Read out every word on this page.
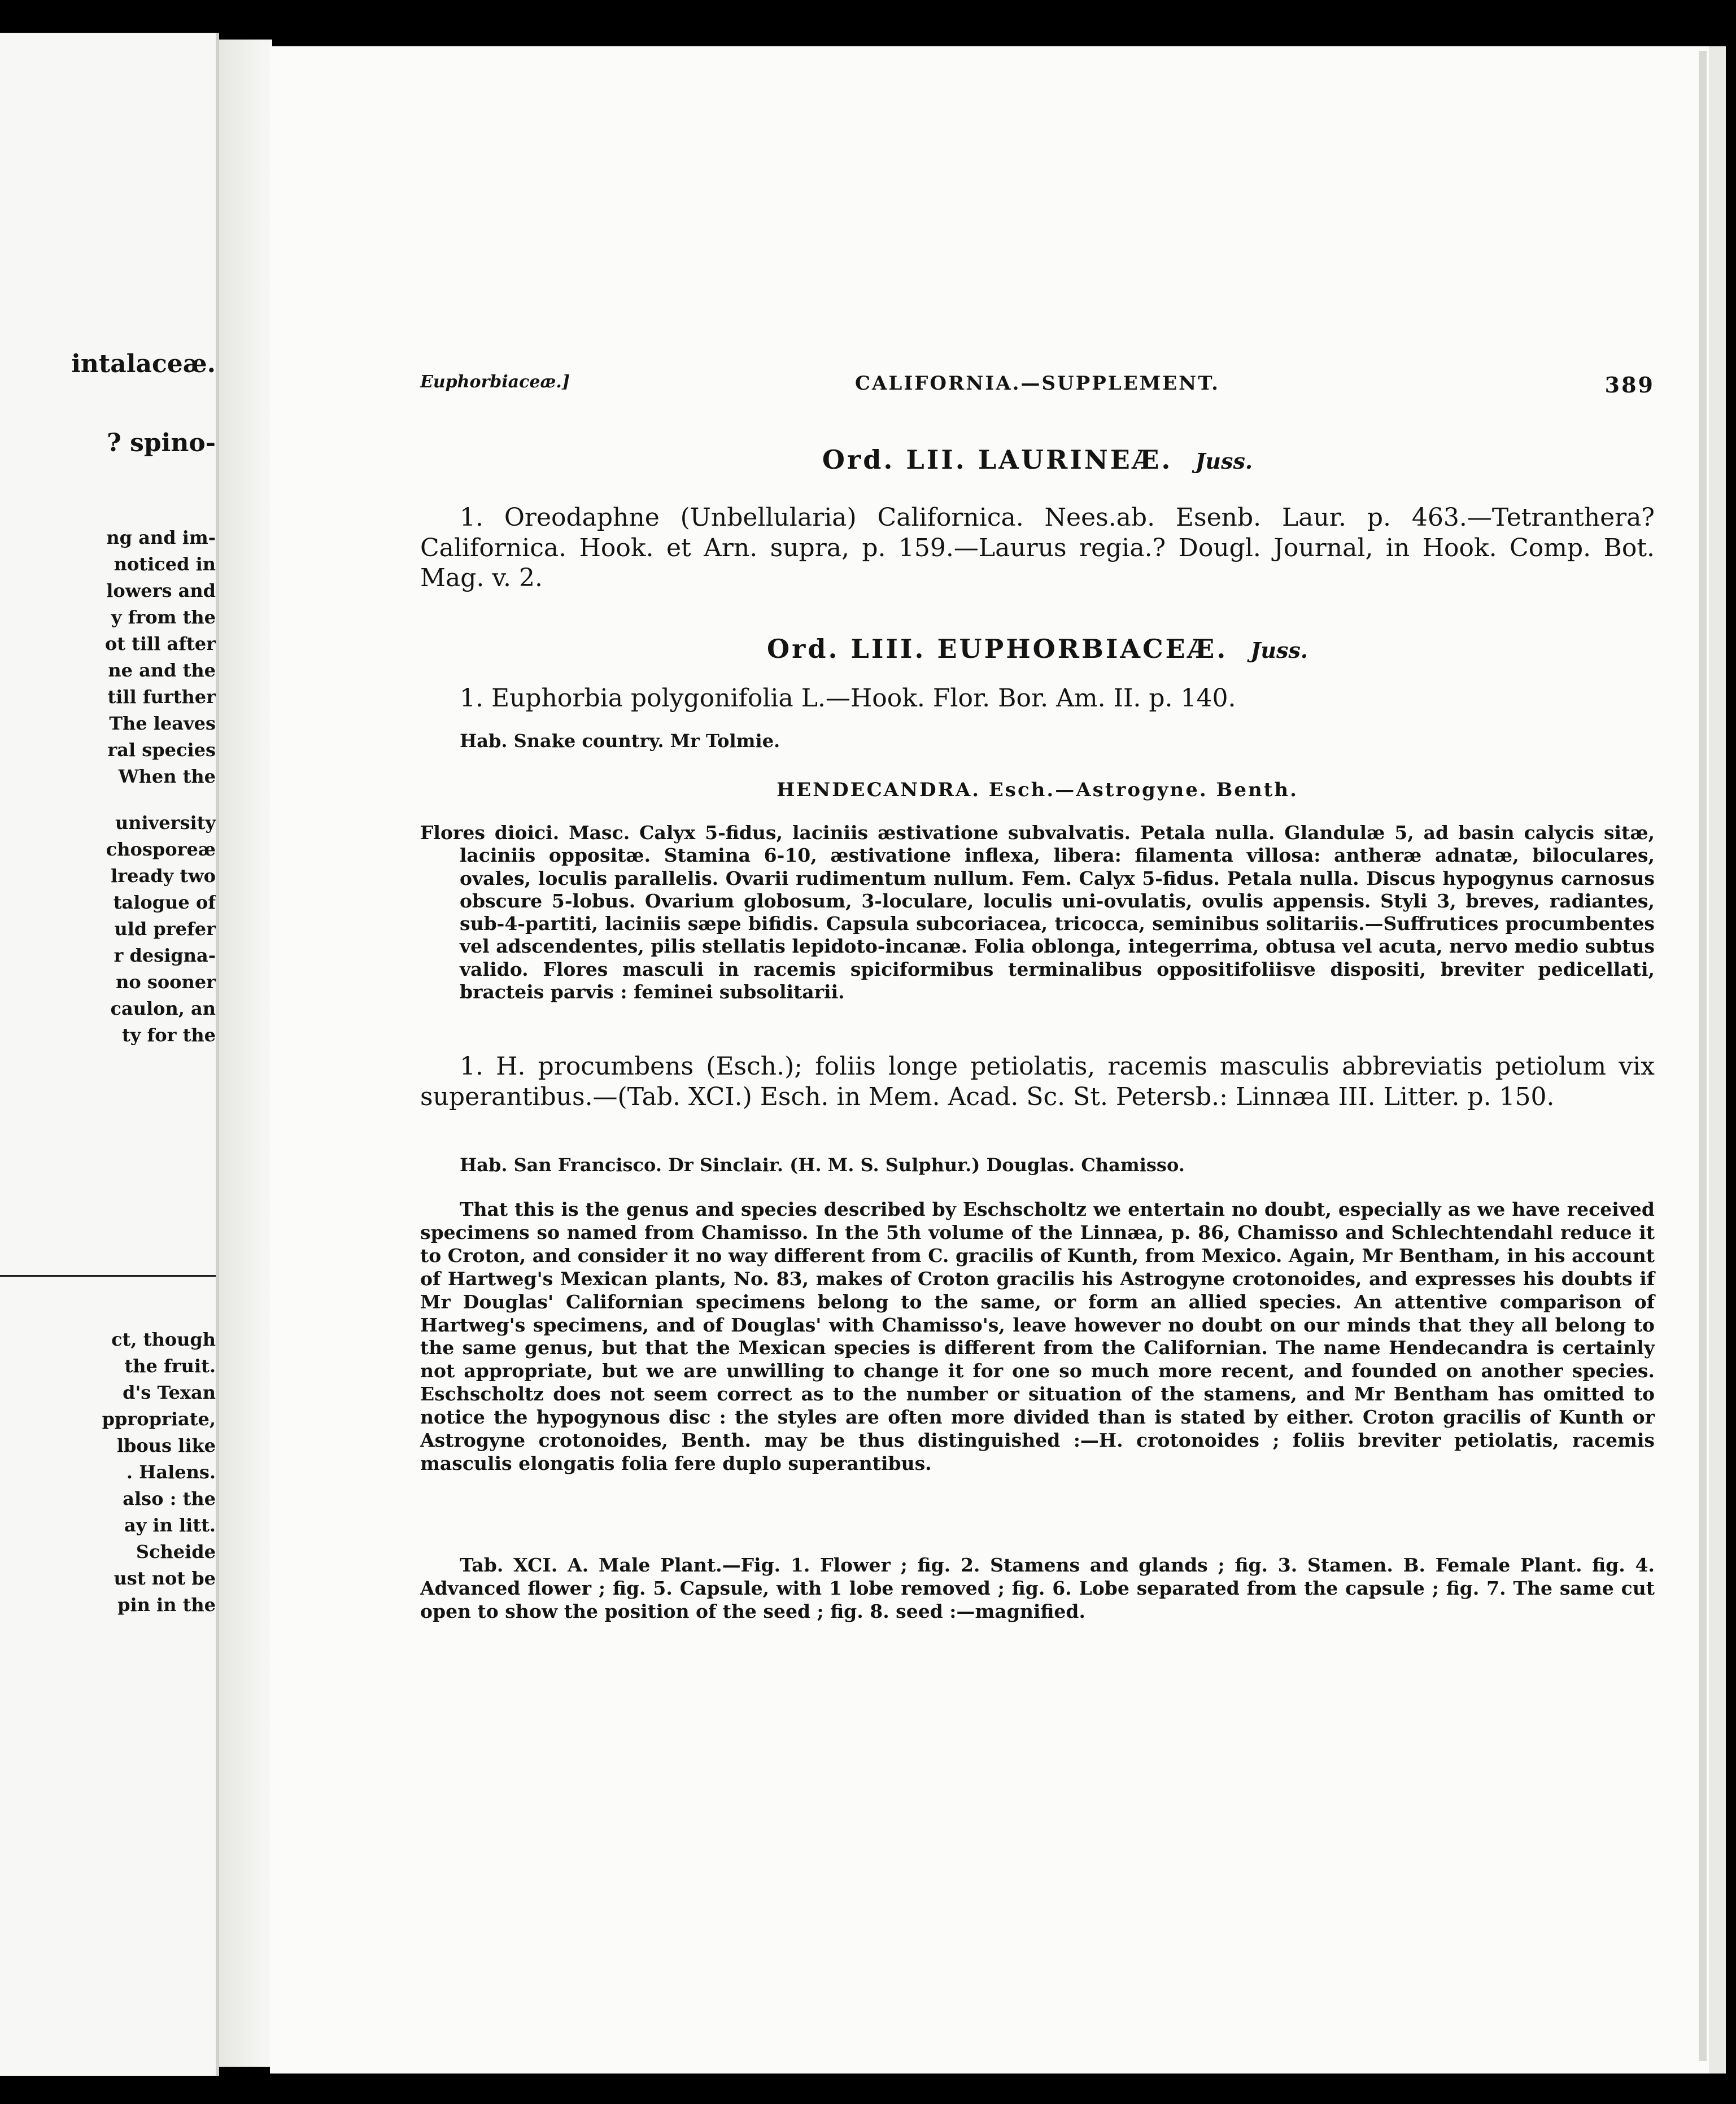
intalaceæ.
? spino-
ng and im-
noticed in
lowers and
y from the
ot till after
ne and the
till further
The leaves
ral species
When the
university
chosporeæ
lready two
talogue of
uld prefer
r designa-
no sooner
caulon, an
ty for the
ct, though
the fruit.
d's Texan
ppropriate,
lbous like
. Halens.
also : the
ay in litt.
Scheide
ust not be
pin in the
Euphorbiaceæ.]	CALIFORNIA.—SUPPLEMENT.	389
Ord. LII. LAURINEÆ. Juss.

1. Oreodaphne (Unbellularia) Californica. Nees.ab. Esenb. Laur. p. 463.—Tetranthera? Californica. Hook. et Arn. supra, p. 159.—Laurus regia.? Dougl. Journal, in Hook. Comp. Bot. Mag. v. 2.

Ord. LIII. EUPHORBIACEÆ. Juss.

1. Euphorbia polygonifolia L.—Hook. Flor. Bor. Am. II. p. 140.

Hab. Snake country. Mr Tolmie.

HENDECANDRA. Esch.—Astrogyne. Benth.

Flores dioici. Masc. Calyx 5-fidus, laciniis æstivatione subvalvatis. Petala nulla. Glandulæ 5, ad basin calycis sitæ, laciniis oppositæ. Stamina 6-10, æstivatione inflexa, libera: filamenta villosa: antheræ adnatæ, biloculares, ovales, loculis parallelis. Ovarii rudimentum nullum. Fem. Calyx 5-fidus. Petala nulla. Discus hypogynus carnosus obscure 5-lobus. Ovarium globosum, 3-loculare, loculis uni-ovulatis, ovulis appensis. Styli 3, breves, radiantes, sub-4-partiti, laciniis sæpe bifidis. Capsula subcoriacea, tricocca, seminibus solitariis.—Suffrutices procumbentes vel adscendentes, pilis stellatis lepidoto-incanæ. Folia oblonga, integerrima, obtusa vel acuta, nervo medio subtus valido. Flores masculi in racemis spiciformibus terminalibus oppositifoliisve dispositi, breviter pedicellati, bracteis parvis : feminei subsolitarii.

1. H. procumbens (Esch.); foliis longe petiolatis, racemis masculis abbreviatis petiolum vix superantibus.—(Tab. XCI.) Esch. in Mem. Acad. Sc. St. Petersb.: Linnæa III. Litter. p. 150.

Hab. San Francisco. Dr Sinclair. (H. M. S. Sulphur.) Douglas. Chamisso.

That this is the genus and species described by Eschscholtz we entertain no doubt, especially as we have received specimens so named from Chamisso. In the 5th volume of the Linnæa, p. 86, Chamisso and Schlechtendahl reduce it to Croton, and consider it no way different from C. gracilis of Kunth, from Mexico. Again, Mr Bentham, in his account of Hartweg's Mexican plants, No. 83, makes of Croton gracilis his Astrogyne crotonoides, and expresses his doubts if Mr Douglas' Californian specimens belong to the same, or form an allied species. An attentive comparison of Hartweg's specimens, and of Douglas' with Chamisso's, leave however no doubt on our minds that they all belong to the same genus, but that the Mexican species is different from the Californian. The name Hendecandra is certainly not appropriate, but we are unwilling to change it for one so much more recent, and founded on another species. Eschscholtz does not seem correct as to the number or situation of the stamens, and Mr Bentham has omitted to notice the hypogynous disc : the styles are often more divided than is stated by either. Croton gracilis of Kunth or Astrogyne crotonoides, Benth. may be thus distinguished :—H. crotonoides ; foliis breviter petiolatis, racemis masculis elongatis folia fere duplo superantibus.

Tab. XCI. A. Male Plant.—Fig. 1. Flower ; fig. 2. Stamens and glands ; fig. 3. Stamen. B. Female Plant. fig. 4. Advanced flower ; fig. 5. Capsule, with 1 lobe removed ; fig. 6. Lobe separated from the capsule ; fig. 7. The same cut open to show the position of the seed ; fig. 8. seed :—magnified.
